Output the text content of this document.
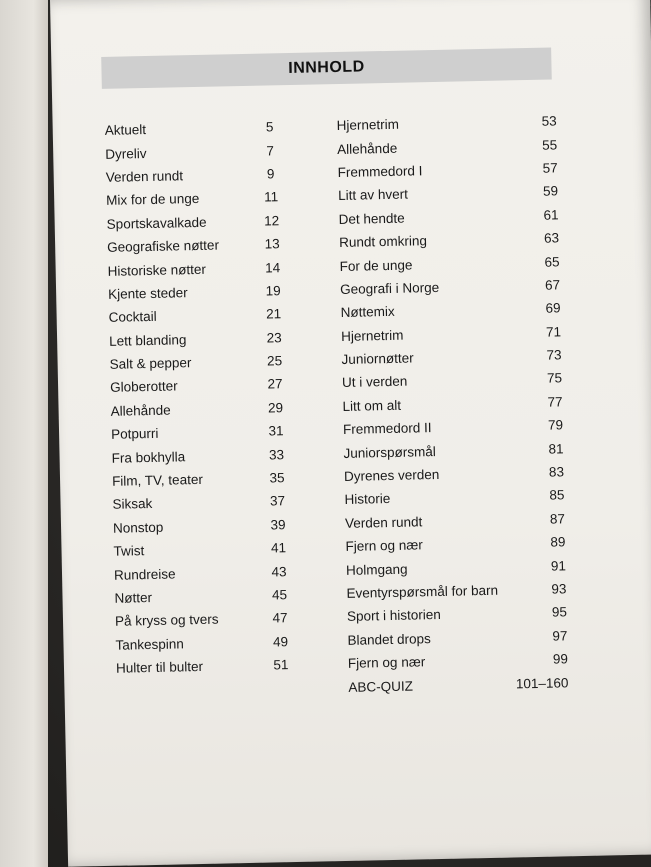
INNHOLD
Aktuelt	5
Dyreliv	7
Verden rundt	9
Mix for de unge	11
Sportskavalkade	12
Geografiske nøtter	13
Historiske nøtter	14
Kjente steder	19
Cocktail	21
Lett blanding	23
Salt & pepper	25
Globerotter	27
Allehånde	29
Potpurri	31
Fra bokhylla	33
Film, TV, teater	35
Siksak	37
Nonstop	39
Twist	41
Rundreise	43
Nøtter	45
På kryss og tvers	47
Tankespinn	49
Hulter til bulter	51
Hjernetrim	53
Allehånde	55
Fremmedord I	57
Litt av hvert	59
Det hendte	61
Rundt omkring	63
For de unge	65
Geografi i Norge	67
Nøttemix	69
Hjernetrim	71
Juniornøtter	73
Ut i verden	75
Litt om alt	77
Fremmedord II	79
Juniorspørsmål	81
Dyrenes verden	83
Historie	85
Verden rundt	87
Fjern og nær	89
Holmgang	91
Eventyrspørsmål for barn	93
Sport i historien	95
Blandet drops	97
Fjern og nær	99
ABC-QUIZ	101–160
